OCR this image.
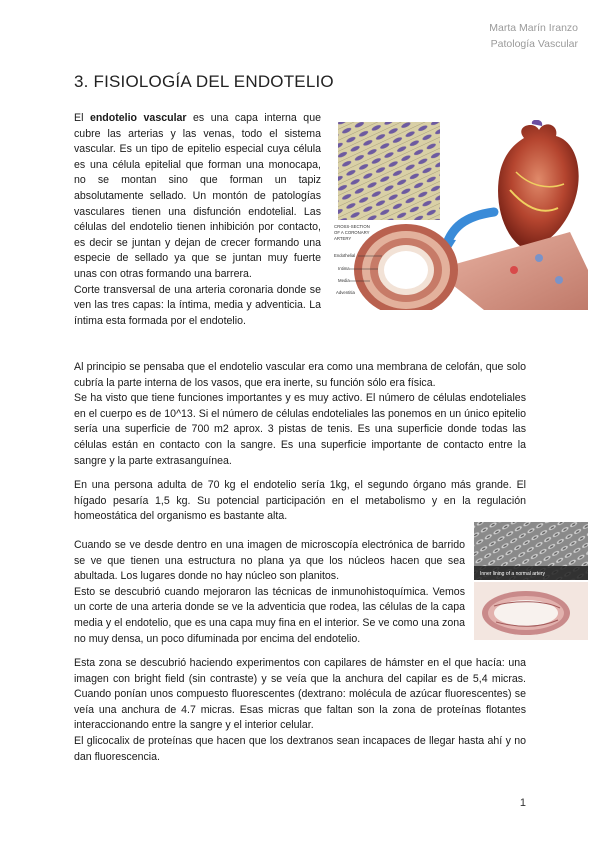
Marta Marín Iranzo
Patología Vascular
3. FISIOLOGÍA DEL ENDOTELIO
El endotelio vascular es una capa interna que cubre las arterias y las venas, todo el sistema vascular. Es un tipo de epitelio especial cuya célula es una célula epitelial que forman una monocapa, no se montan sino que forman un tapiz absolutamente sellado. Un montón de patologías vasculares tienen una disfunción endotelial. Las células del endotelio tienen inhibición por contacto, es decir se juntan y dejan de crecer formando una especie de sellado ya que se juntan muy fuerte unas con otras formando una barrera.
Corte transversal de una arteria coronaria donde se ven las tres capas: la íntima, media y adventicia. La íntima esta formada por el endotelio.
CROSS-SECTION
OF A CORONARY
ARTERY
Endothelial
Intima
Media
Adventitia
Al principio se pensaba que el endotelio vascular era como una membrana de celofán, que solo cubría la parte interna de los vasos, que era inerte, su función sólo era física.
Se ha visto que tiene funciones importantes y es muy activo. El número de células endoteliales en el cuerpo es de 10^13. Si el número de células endoteliales las ponemos en un único epitelio sería una superficie de 700 m2 aprox. 3 pistas de tenis. Es una superficie donde todas las células están en contacto con la sangre. Es una superficie importante de contacto entre la sangre y la parte extrasanguínea.
En una persona adulta de 70 kg el endotelio sería 1kg, el segundo órgano más grande. El hígado pesaría 1,5 kg. Su potencial participación en el metabolismo y en la regulación homeostática del organismo es bastante alta.
Cuando se ve desde dentro en una imagen de microscopía electrónica de barrido se ve que tienen una estructura no plana ya que los núcleos hacen que sea abultada. Los lugares donde no hay núcleo son planitos.
Esto se descubrió cuando mejoraron las técnicas de inmunohistoquímica. Vemos un corte de una arteria donde se ve la adventicia que rodea, las células de la capa media y el endotelio, que es una capa muy fina en el interior. Se ve como una zona no muy densa, un poco difuminada por encima del endotelio.
Inner lining of a normal artery
Esta zona se descubrió haciendo experimentos con capilares de hámster en el que hacía: una imagen con bright field (sin contraste) y se veía que la anchura del capilar es de 5,4 micras. Cuando ponían unos compuesto fluorescentes (dextrano: molécula de azúcar fluorescentes) se veía una anchura de 4.7 micras. Esas micras que faltan son la zona de proteínas flotantes interaccionando entre la sangre y el interior celular.
El glicocalix de proteínas que hacen que los dextranos sean incapaces de llegar hasta ahí y no dan fluorescencia.
1
